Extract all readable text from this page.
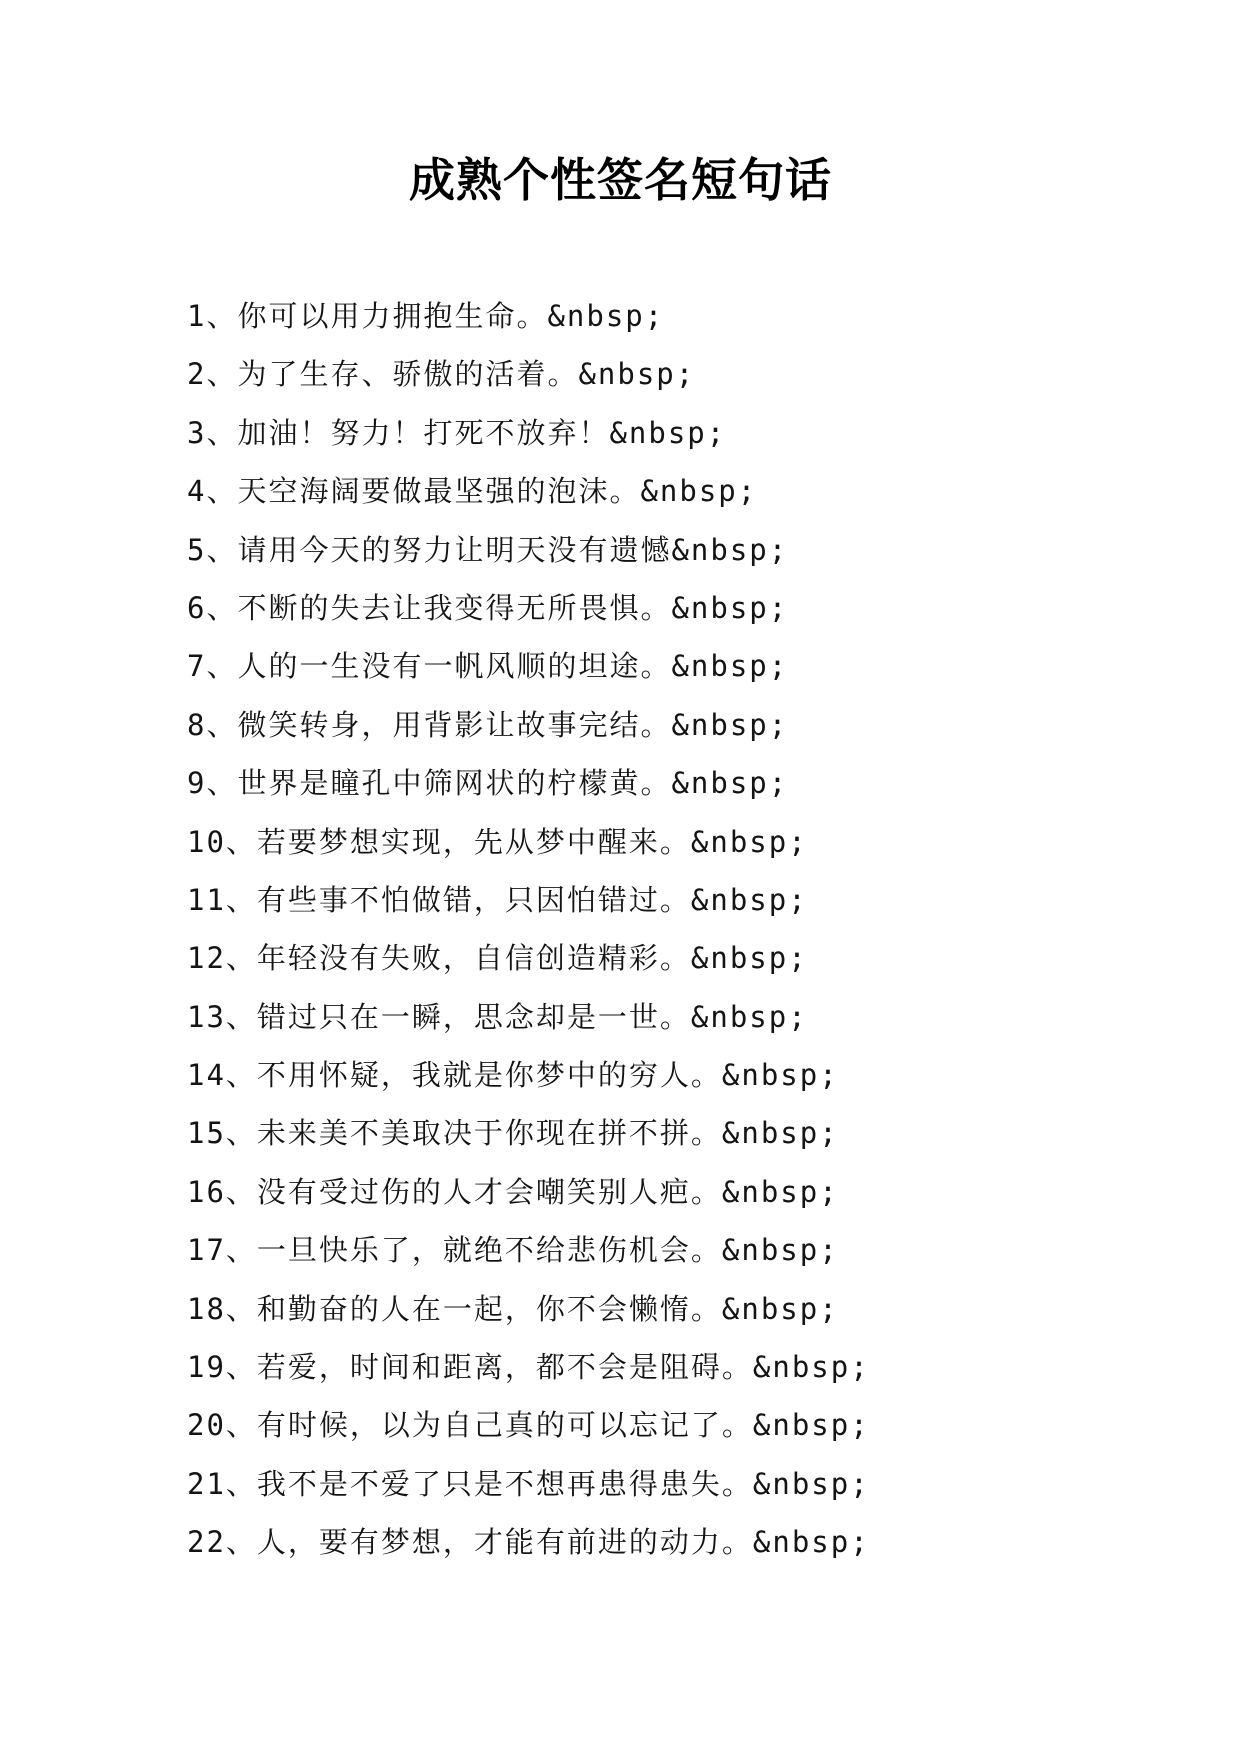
成熟个性签名短句话
1、你可以用力拥抱生命。&nbsp;
2、为了生存、骄傲的活着。&nbsp;
3、加油！努力！打死不放弃！&nbsp;
4、天空海阔要做最坚强的泡沫。&nbsp;
5、请用今天的努力让明天没有遗憾&nbsp;
6、不断的失去让我变得无所畏惧。&nbsp;
7、人的一生没有一帆风顺的坦途。&nbsp;
8、微笑转身，用背影让故事完结。&nbsp;
9、世界是瞳孔中筛网状的柠檬黄。&nbsp;
10、若要梦想实现，先从梦中醒来。&nbsp;
11、有些事不怕做错，只因怕错过。&nbsp;
12、年轻没有失败，自信创造精彩。&nbsp;
13、错过只在一瞬，思念却是一世。&nbsp;
14、不用怀疑，我就是你梦中的穷人。&nbsp;
15、未来美不美取决于你现在拼不拼。&nbsp;
16、没有受过伤的人才会嘲笑别人疤。&nbsp;
17、一旦快乐了，就绝不给悲伤机会。&nbsp;
18、和勤奋的人在一起，你不会懒惰。&nbsp;
19、若爱，时间和距离，都不会是阻碍。&nbsp;
20、有时候，以为自己真的可以忘记了。&nbsp;
21、我不是不爱了只是不想再患得患失。&nbsp;
22、人，要有梦想，才能有前进的动力。&nbsp;
